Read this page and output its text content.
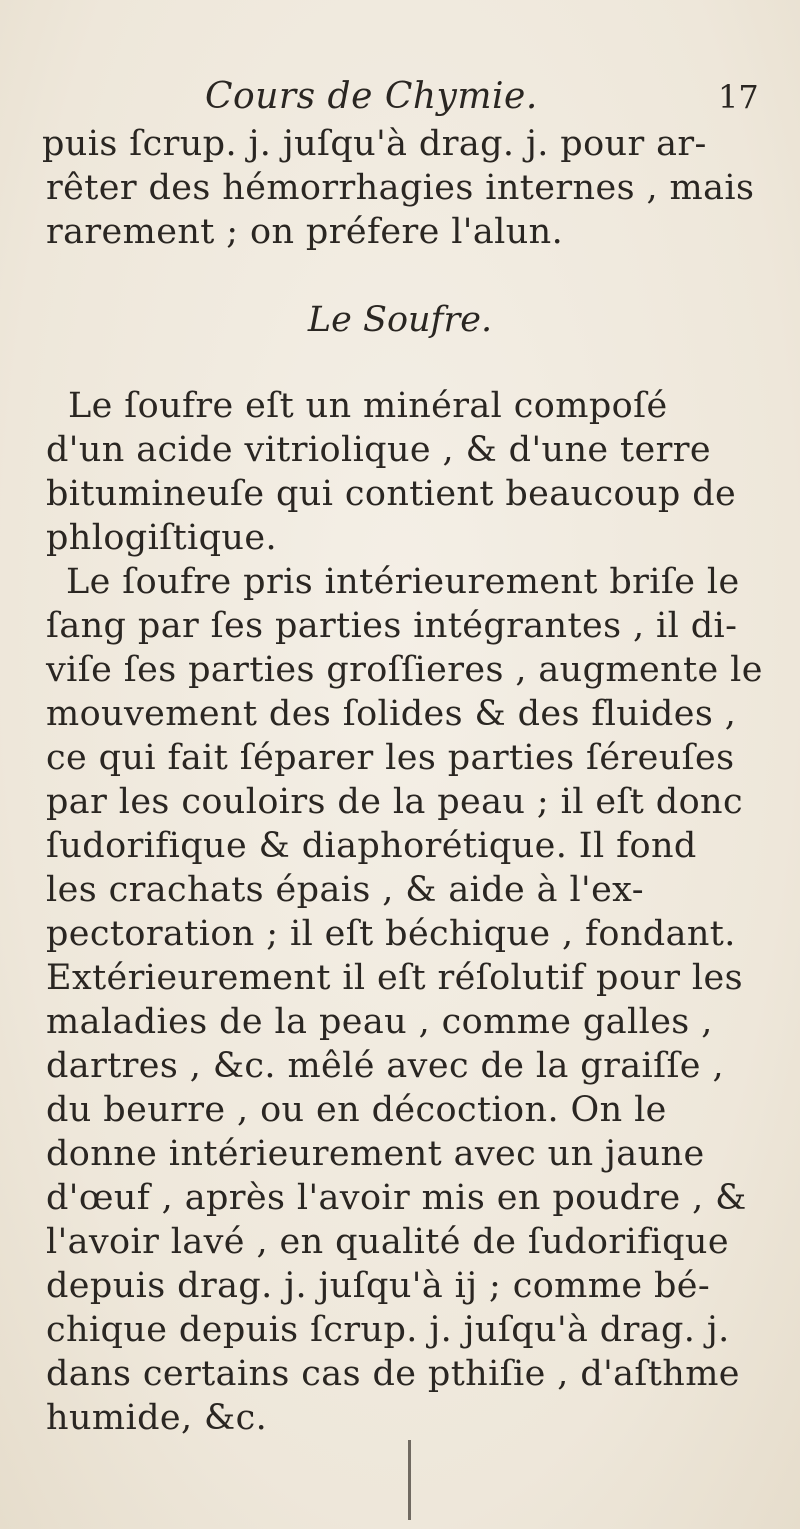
Cours de Chymie.	17
puis ſcrup. j. juſqu'à drag. j. pour ar-
rêter des hémorrhagies internes , mais
rarement ; on préfere l'alun.
Le Soufre.
Le ſoufre eſt un minéral compoſé
d'un acide vitriolique , & d'une terre
bitumineuſe qui contient beaucoup de
phlogiſtique.
Le ſoufre pris intérieurement briſe le
ſang par ſes parties intégrantes , il di-
viſe ſes parties groſſieres , augmente le
mouvement des ſolides & des fluides ,
ce qui fait ſéparer les parties ſéreuſes
par les couloirs de la peau ; il eſt donc
ſudorifique & diaphorétique. Il fond
les crachats épais , & aide à l'ex-
pectoration ; il eſt béchique , fondant.
Extérieurement il eſt réſolutif pour les
maladies de la peau , comme galles ,
dartres , &c. mêlé avec de la graiſſe ,
du beurre , ou en décoction. On le
donne intérieurement avec un jaune
d'œuf , après l'avoir mis en poudre , &
l'avoir lavé , en qualité de ſudorifique
depuis drag. j. juſqu'à ij ; comme bé-
chique depuis ſcrup. j. juſqu'à drag. j.
dans certains cas de pthiſie , d'aſthme
humide, &c.
